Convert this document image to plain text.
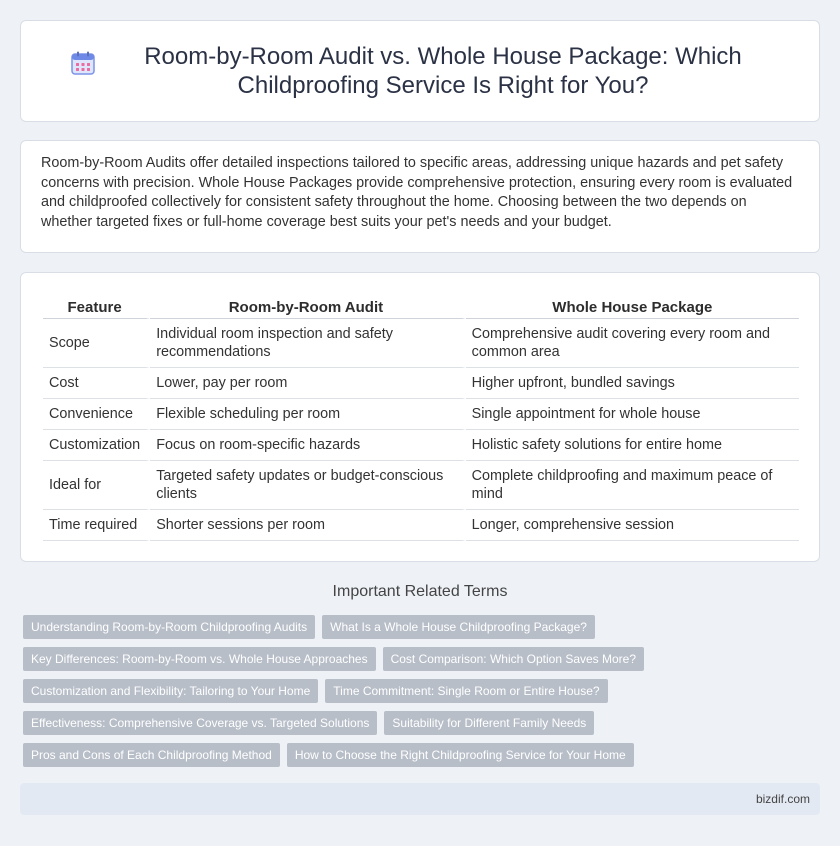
Room-by-Room Audit vs. Whole House Package: Which Childproofing Service Is Right for You?

Room-by-Room Audits offer detailed inspections tailored to specific areas, addressing unique hazards and pet safety concerns with precision. Whole House Packages provide comprehensive protection, ensuring every room is evaluated and childproofed collectively for consistent safety throughout the home. Choosing between the two depends on whether targeted fixes or full-home coverage best suits your pet's needs and your budget.

Feature	Room-by-Room Audit	Whole House Package
Scope	Individual room inspection and safety recommendations	Comprehensive audit covering every room and common area
Cost	Lower, pay per room	Higher upfront, bundled savings
Convenience	Flexible scheduling per room	Single appointment for whole house
Customization	Focus on room-specific hazards	Holistic safety solutions for entire home
Ideal for	Targeted safety updates or budget-conscious clients	Complete childproofing and maximum peace of mind
Time required	Shorter sessions per room	Longer, comprehensive session
Important Related Terms
Understanding Room-by-Room Childproofing Audits	What Is a Whole House Childproofing Package?
Key Differences: Room-by-Room vs. Whole House Approaches	Cost Comparison: Which Option Saves More?
Customization and Flexibility: Tailoring to Your Home	Time Commitment: Single Room or Entire House?
Effectiveness: Comprehensive Coverage vs. Targeted Solutions	Suitability for Different Family Needs
Pros and Cons of Each Childproofing Method	How to Choose the Right Childproofing Service for Your Home
bizdif.com
